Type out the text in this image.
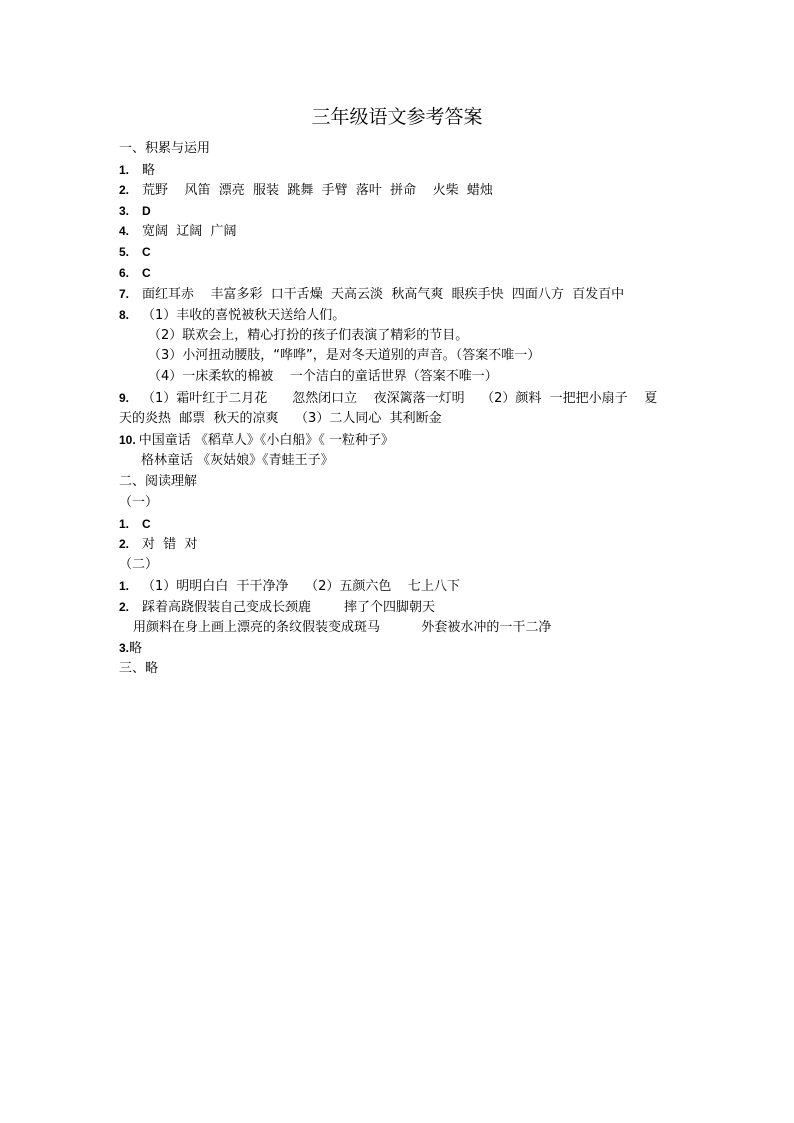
三年级语文参考答案
一、积累与运用
1. 略
2. 荒野    风笛  漂亮  服装  跳舞  手臂  落叶  拼命    火柴  蜡烛
3. D
4. 宽阔  辽阔  广阔
5. C
6. C
7. 面红耳赤    丰富多彩  口干舌燥  天高云淡  秋高气爽  眼疾手快  四面八方  百发百中
8. （1）丰收的喜悦被秋天送给人们。
（2）联欢会上，精心打扮的孩子们表演了精彩的节目。
（3）小河扭动腰肢，“哗哗”，是对冬天道别的声音。（答案不唯一）
（4）一床柔软的棉被    一个洁白的童话世界（答案不唯一）
9. （1）霜叶红于二月花      忽然闭口立    夜深篱落一灯明    （2）颜料  一把把小扇子    夏
天的炎热  邮票  秋天的凉爽    （3）二人同心  其利断金
10. 中国童话 《稻草人》《小白船》《 一粒种子》
格林童话 《灰姑娘》《青蛙王子》
二、阅读理解
（一）
1. C
2. 对  错  对
（二）
1. （1）明明白白  干干净净    （2）五颜六色    七上八下
2. 踩着高跷假装自己变成长颈鹿        摔了个四脚朝天
用颜料在身上画上漂亮的条纹假装变成斑马          外套被水冲的一干二净
3.略
三、略
